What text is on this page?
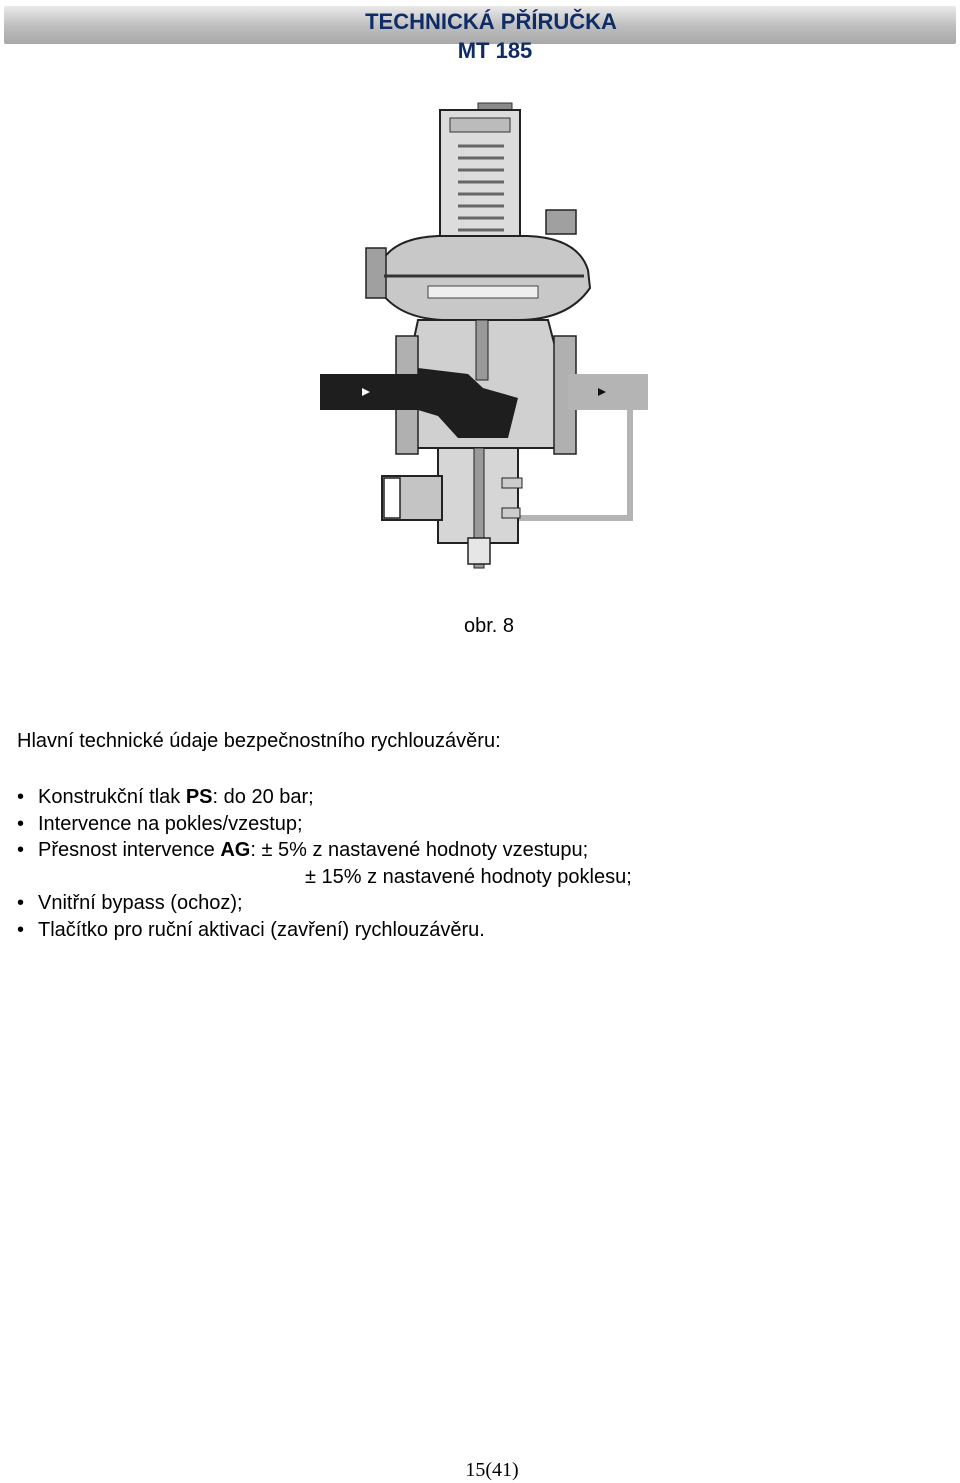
TECHNICKÁ PŘÍRUČKA
MT 185
obr. 8
Hlavní technické údaje bezpečnostního rychlouzávěru:
• Konstrukční tlak PS: do 20 bar;
• Intervence na pokles/vzestup;
• Přesnost intervence AG: ± 5% z nastavené hodnoty vzestupu;
± 15% z nastavené hodnoty poklesu;
• Vnitřní bypass (ochoz);
• Tlačítko pro ruční aktivaci (zavření) rychlouzávěru.
15(41)
